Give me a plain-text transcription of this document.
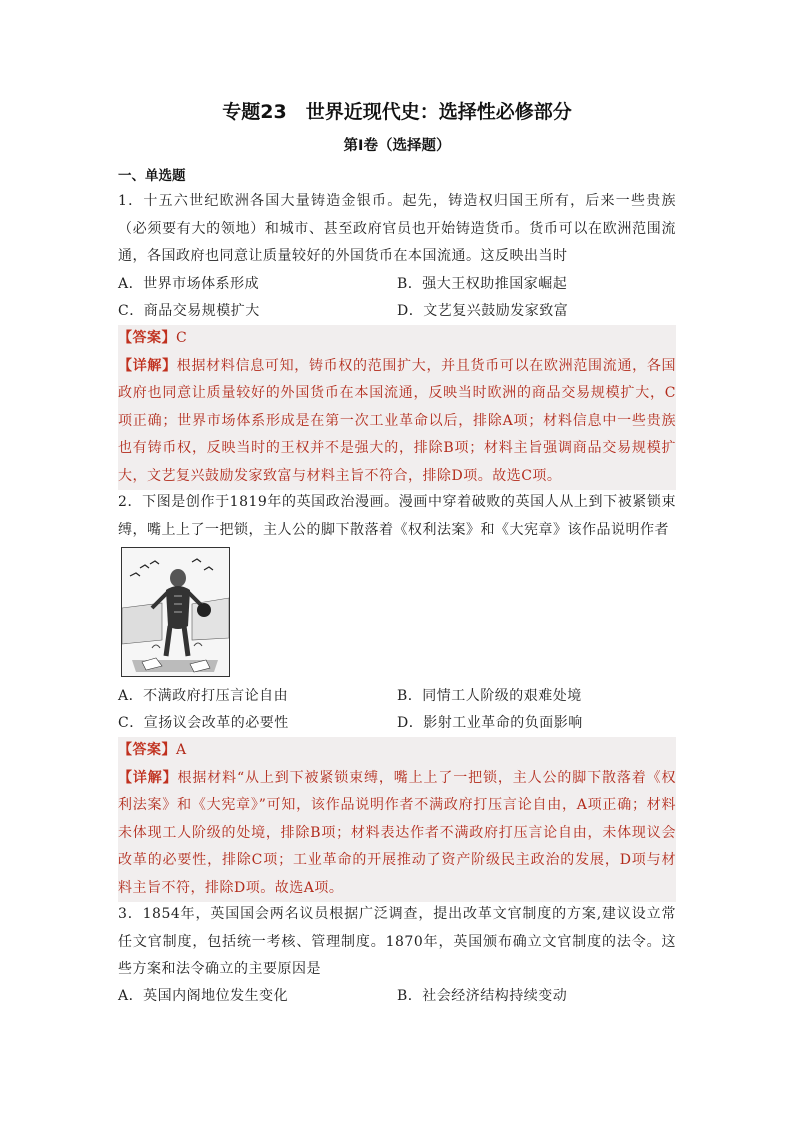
专题23　世界近现代史：选择性必修部分
第Ⅰ卷（选择题）
一、单选题
1．十五六世纪欧洲各国大量铸造金银币。起先，铸造权归国王所有，后来一些贵族（必须要有大的领地）和城市、甚至政府官员也开始铸造货币。货币可以在欧洲范围流通，各国政府也同意让质量较好的外国货币在本国流通。这反映出当时
A．世界市场体系形成	B．强大王权助推国家崛起
C．商品交易规模扩大	D．文艺复兴鼓励发家致富
【答案】C
【详解】根据材料信息可知，铸币权的范围扩大，并且货币可以在欧洲范围流通，各国政府也同意让质量较好的外国货币在本国流通，反映当时欧洲的商品交易规模扩大，C项正确；世界市场体系形成是在第一次工业革命以后，排除A项；材料信息中一些贵族也有铸币权，反映当时的王权并不是强大的，排除B项；材料主旨强调商品交易规模扩大，文艺复兴鼓励发家致富与材料主旨不符合，排除D项。故选C项。
2．下图是创作于1819年的英国政治漫画。漫画中穿着破败的英国人从上到下被紧锁束缚，嘴上上了一把锁，主人公的脚下散落着《权利法案》和《大宪章》该作品说明作者
A．不满政府打压言论自由	B．同情工人阶级的艰难处境
C．宣扬议会改革的必要性	D．影射工业革命的负面影响
【答案】A
【详解】根据材料“从上到下被紧锁束缚，嘴上上了一把锁，主人公的脚下散落着《权利法案》和《大宪章》”可知，该作品说明作者不满政府打压言论自由，A项正确；材料未体现工人阶级的处境，排除B项；材料表达作者不满政府打压言论自由，未体现议会改革的必要性，排除C项；工业革命的开展推动了资产阶级民主政治的发展，D项与材料主旨不符，排除D项。故选A项。
3．1854年，英国国会两名议员根据广泛调查，提出改革文官制度的方案,建议设立常任文官制度，包括统一考核、管理制度。1870年，英国颁布确立文官制度的法令。这些方案和法令确立的主要原因是
A．英国内阁地位发生变化	B．社会经济结构持续变动
